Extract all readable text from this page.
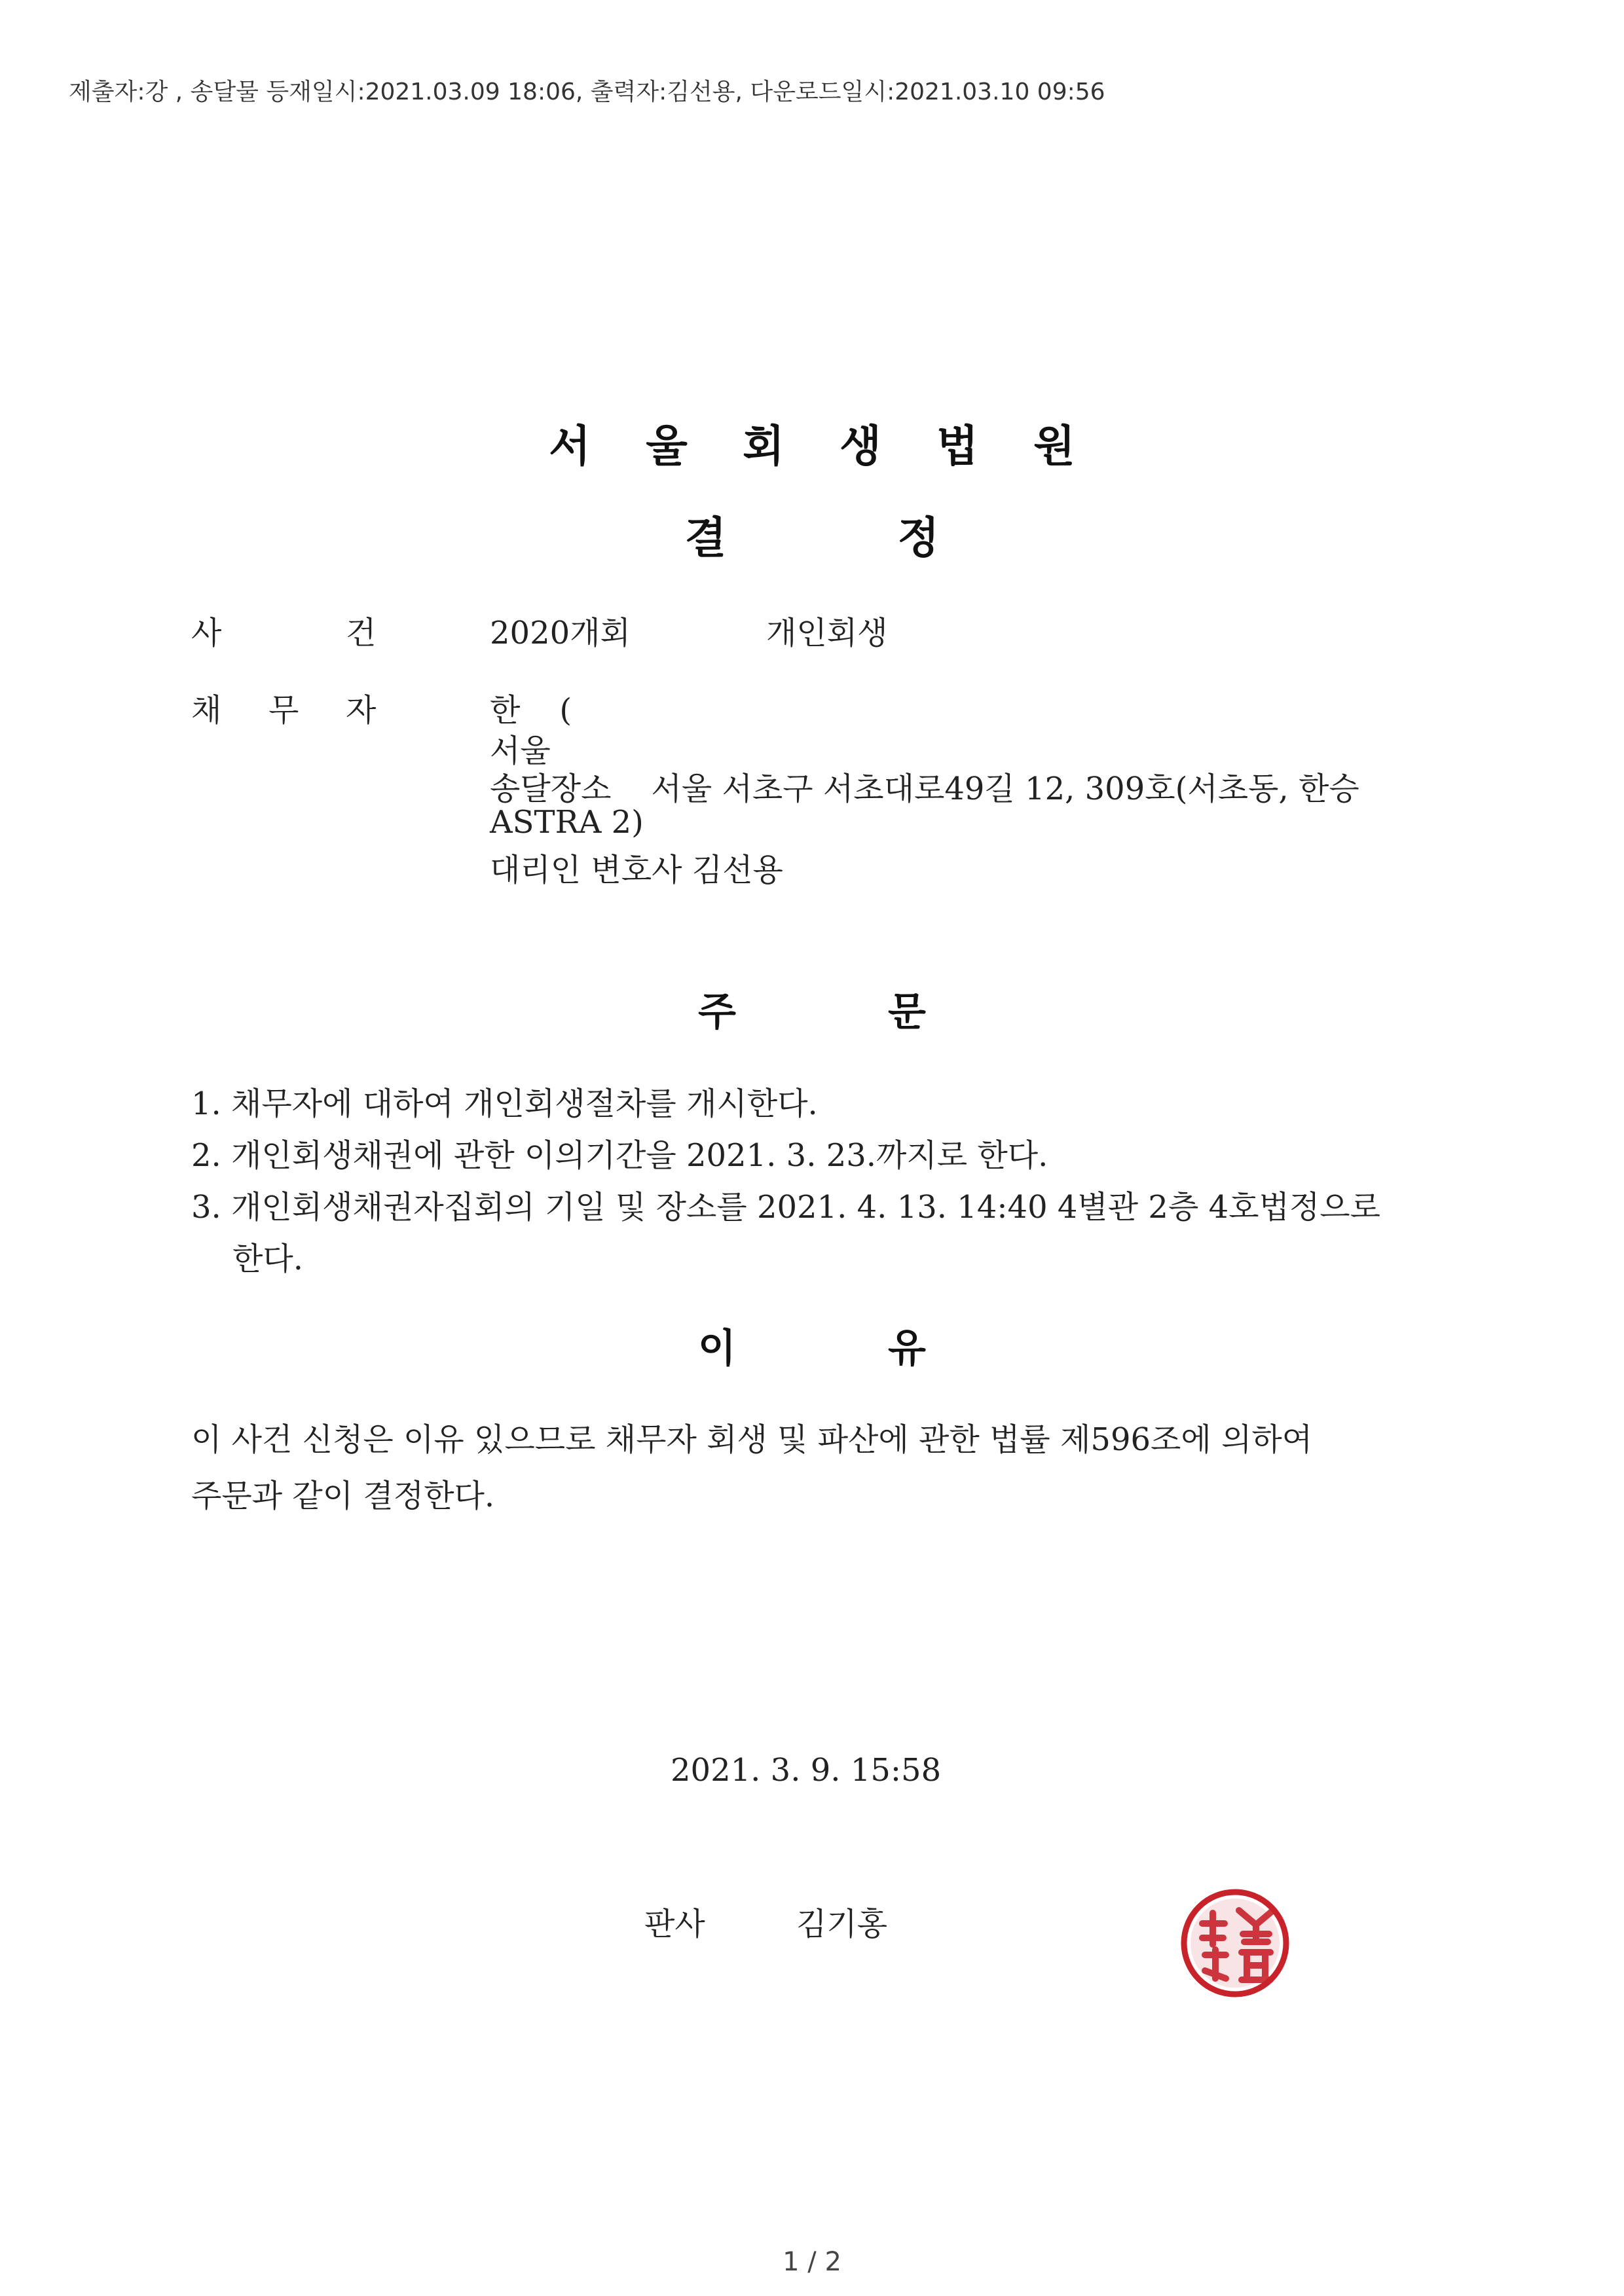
제출자:강 , 송달물 등재일시:2021.03.09 18:06, 출력자:김선용, 다운로드일시:2021.03.10 09:56
서	울	회	생	법	원
결	정
사	건	2020개회	개인회생
채 무 자	한 (
서울
송달장소 서울 서초구 서초대로49길 12, 309호(서초동, 한승
ASTRA 2)
대리인 변호사 김선용
주	문
1. 채무자에 대하여 개인회생절차를 개시한다.
2. 개인회생채권에 관한 이의기간을 2021. 3. 23.까지로 한다.
3. 개인회생채권자집회의 기일 및 장소를 2021. 4. 13. 14:40 4별관 2층 4호법정으로
한다.
이	유
이 사건 신청은 이유 있으므로 채무자 회생 및 파산에 관한 법률 제596조에 의하여
주문과 같이 결정한다.
2021. 3. 9. 15:58
판사	김기홍
1 / 2
